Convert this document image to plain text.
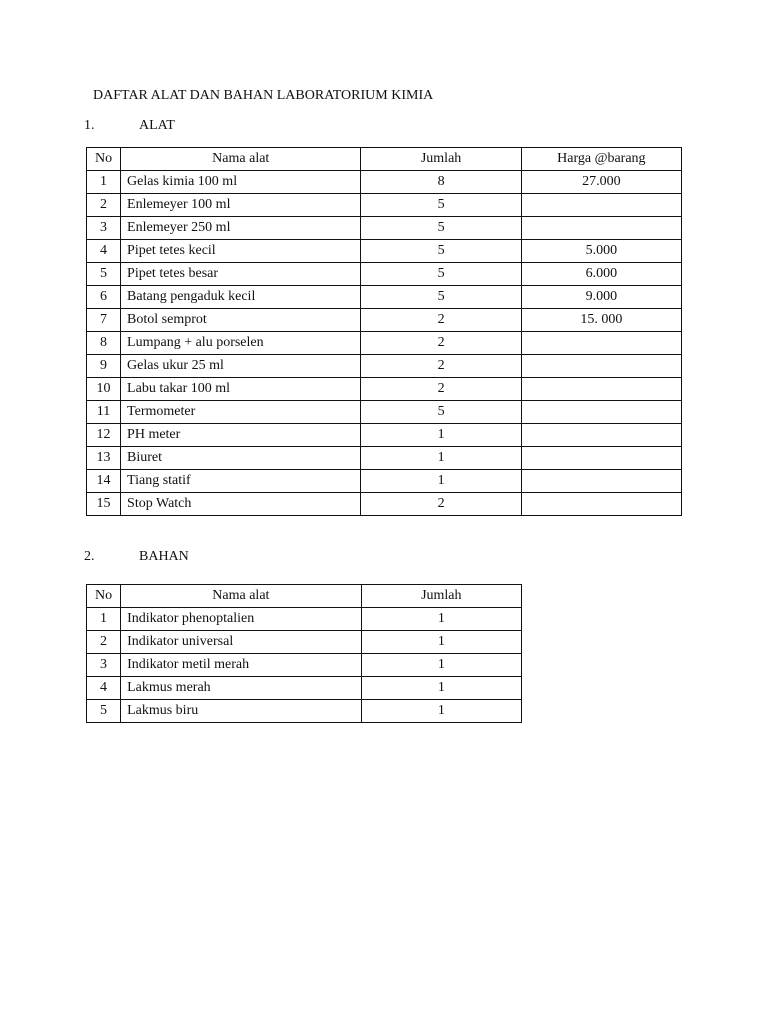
DAFTAR ALAT DAN BAHAN LABORATORIUM KIMIA
1.	ALAT
No	Nama alat	Jumlah	Harga @barang
1	Gelas kimia 100 ml	8	27.000
2	Enlemeyer 100 ml	5	
3	Enlemeyer 250 ml	5	
4	Pipet tetes kecil	5	5.000
5	Pipet tetes besar	5	6.000
6	Batang pengaduk kecil	5	9.000
7	Botol semprot	2	15. 000
8	Lumpang + alu porselen	2	
9	Gelas ukur 25 ml	2	
10	Labu takar 100 ml	2	
11	Termometer	5	
12	PH meter	1	
13	Biuret	1	
14	Tiang statif	1	
15	Stop Watch	2	
2.	BAHAN
No	Nama alat	Jumlah
1	Indikator phenoptalien	1
2	Indikator universal	1
3	Indikator metil merah	1
4	Lakmus merah	1
5	Lakmus biru	1
